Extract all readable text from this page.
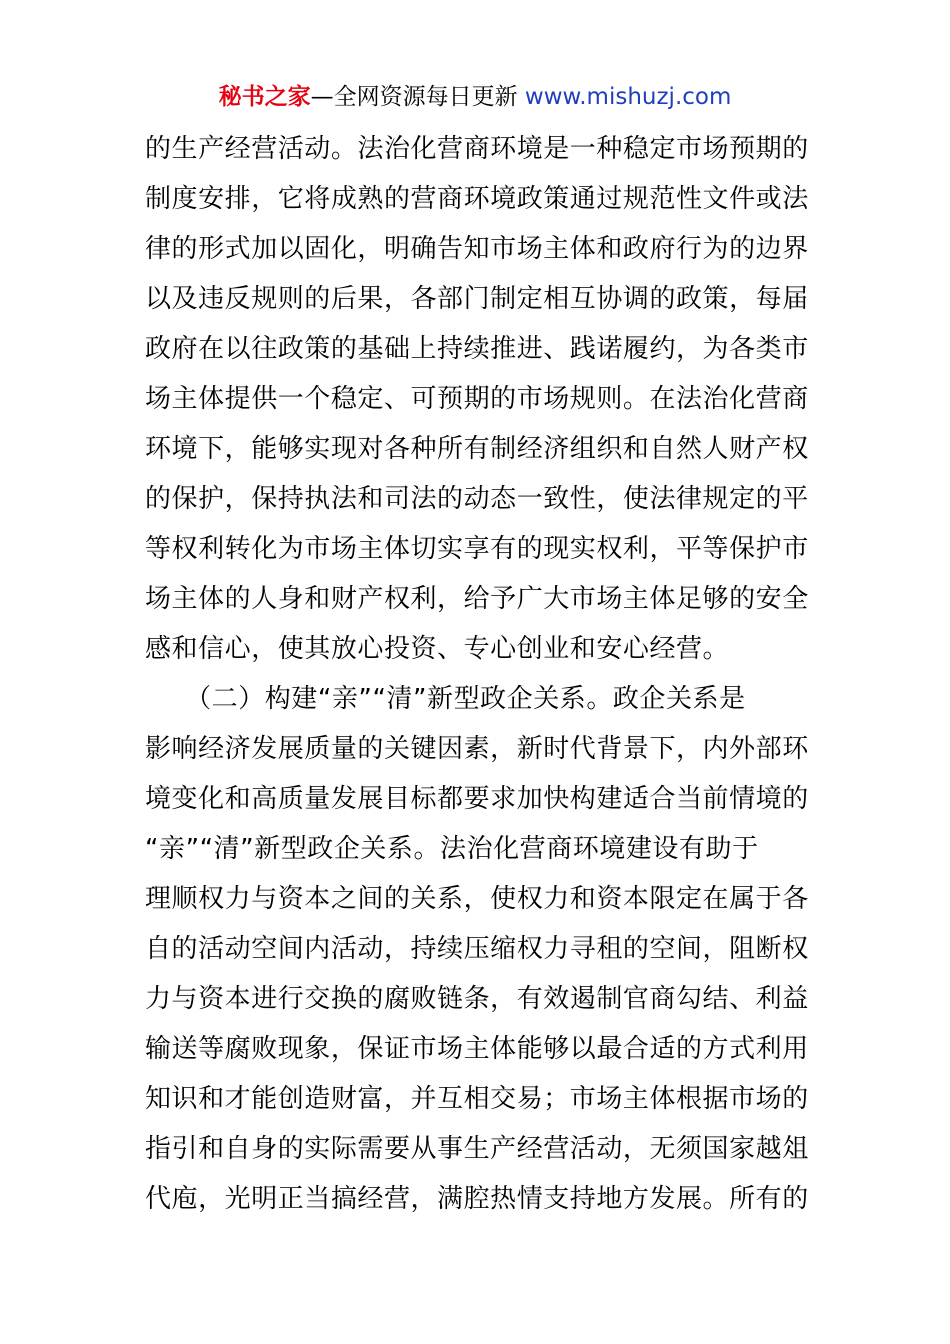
秘书之家—全网资源每日更新 www.mishuzj.com
的生产经营活动。法治化营商环境是一种稳定市场预期的
制度安排，它将成熟的营商环境政策通过规范性文件或法
律的形式加以固化，明确告知市场主体和政府行为的边界
以及违反规则的后果，各部门制定相互协调的政策，每届
政府在以往政策的基础上持续推进、践诺履约，为各类市
场主体提供一个稳定、可预期的市场规则。在法治化营商
环境下，能够实现对各种所有制经济组织和自然人财产权
的保护，保持执法和司法的动态一致性，使法律规定的平
等权利转化为市场主体切实享有的现实权利，平等保护市
场主体的人身和财产权利，给予广大市场主体足够的安全
感和信心，使其放心投资、专心创业和安心经营。
　　（二）构建“亲”“清”新型政企关系。政企关系是
影响经济发展质量的关键因素，新时代背景下，内外部环
境变化和高质量发展目标都要求加快构建适合当前情境的
“亲”“清”新型政企关系。法治化营商环境建设有助于
理顺权力与资本之间的关系，使权力和资本限定在属于各
自的活动空间内活动，持续压缩权力寻租的空间，阻断权
力与资本进行交换的腐败链条，有效遏制官商勾结、利益
输送等腐败现象，保证市场主体能够以最合适的方式利用
知识和才能创造财富，并互相交易；市场主体根据市场的
指引和自身的实际需要从事生产经营活动，无须国家越俎
代庖，光明正当搞经营，满腔热情支持地方发展。所有的
